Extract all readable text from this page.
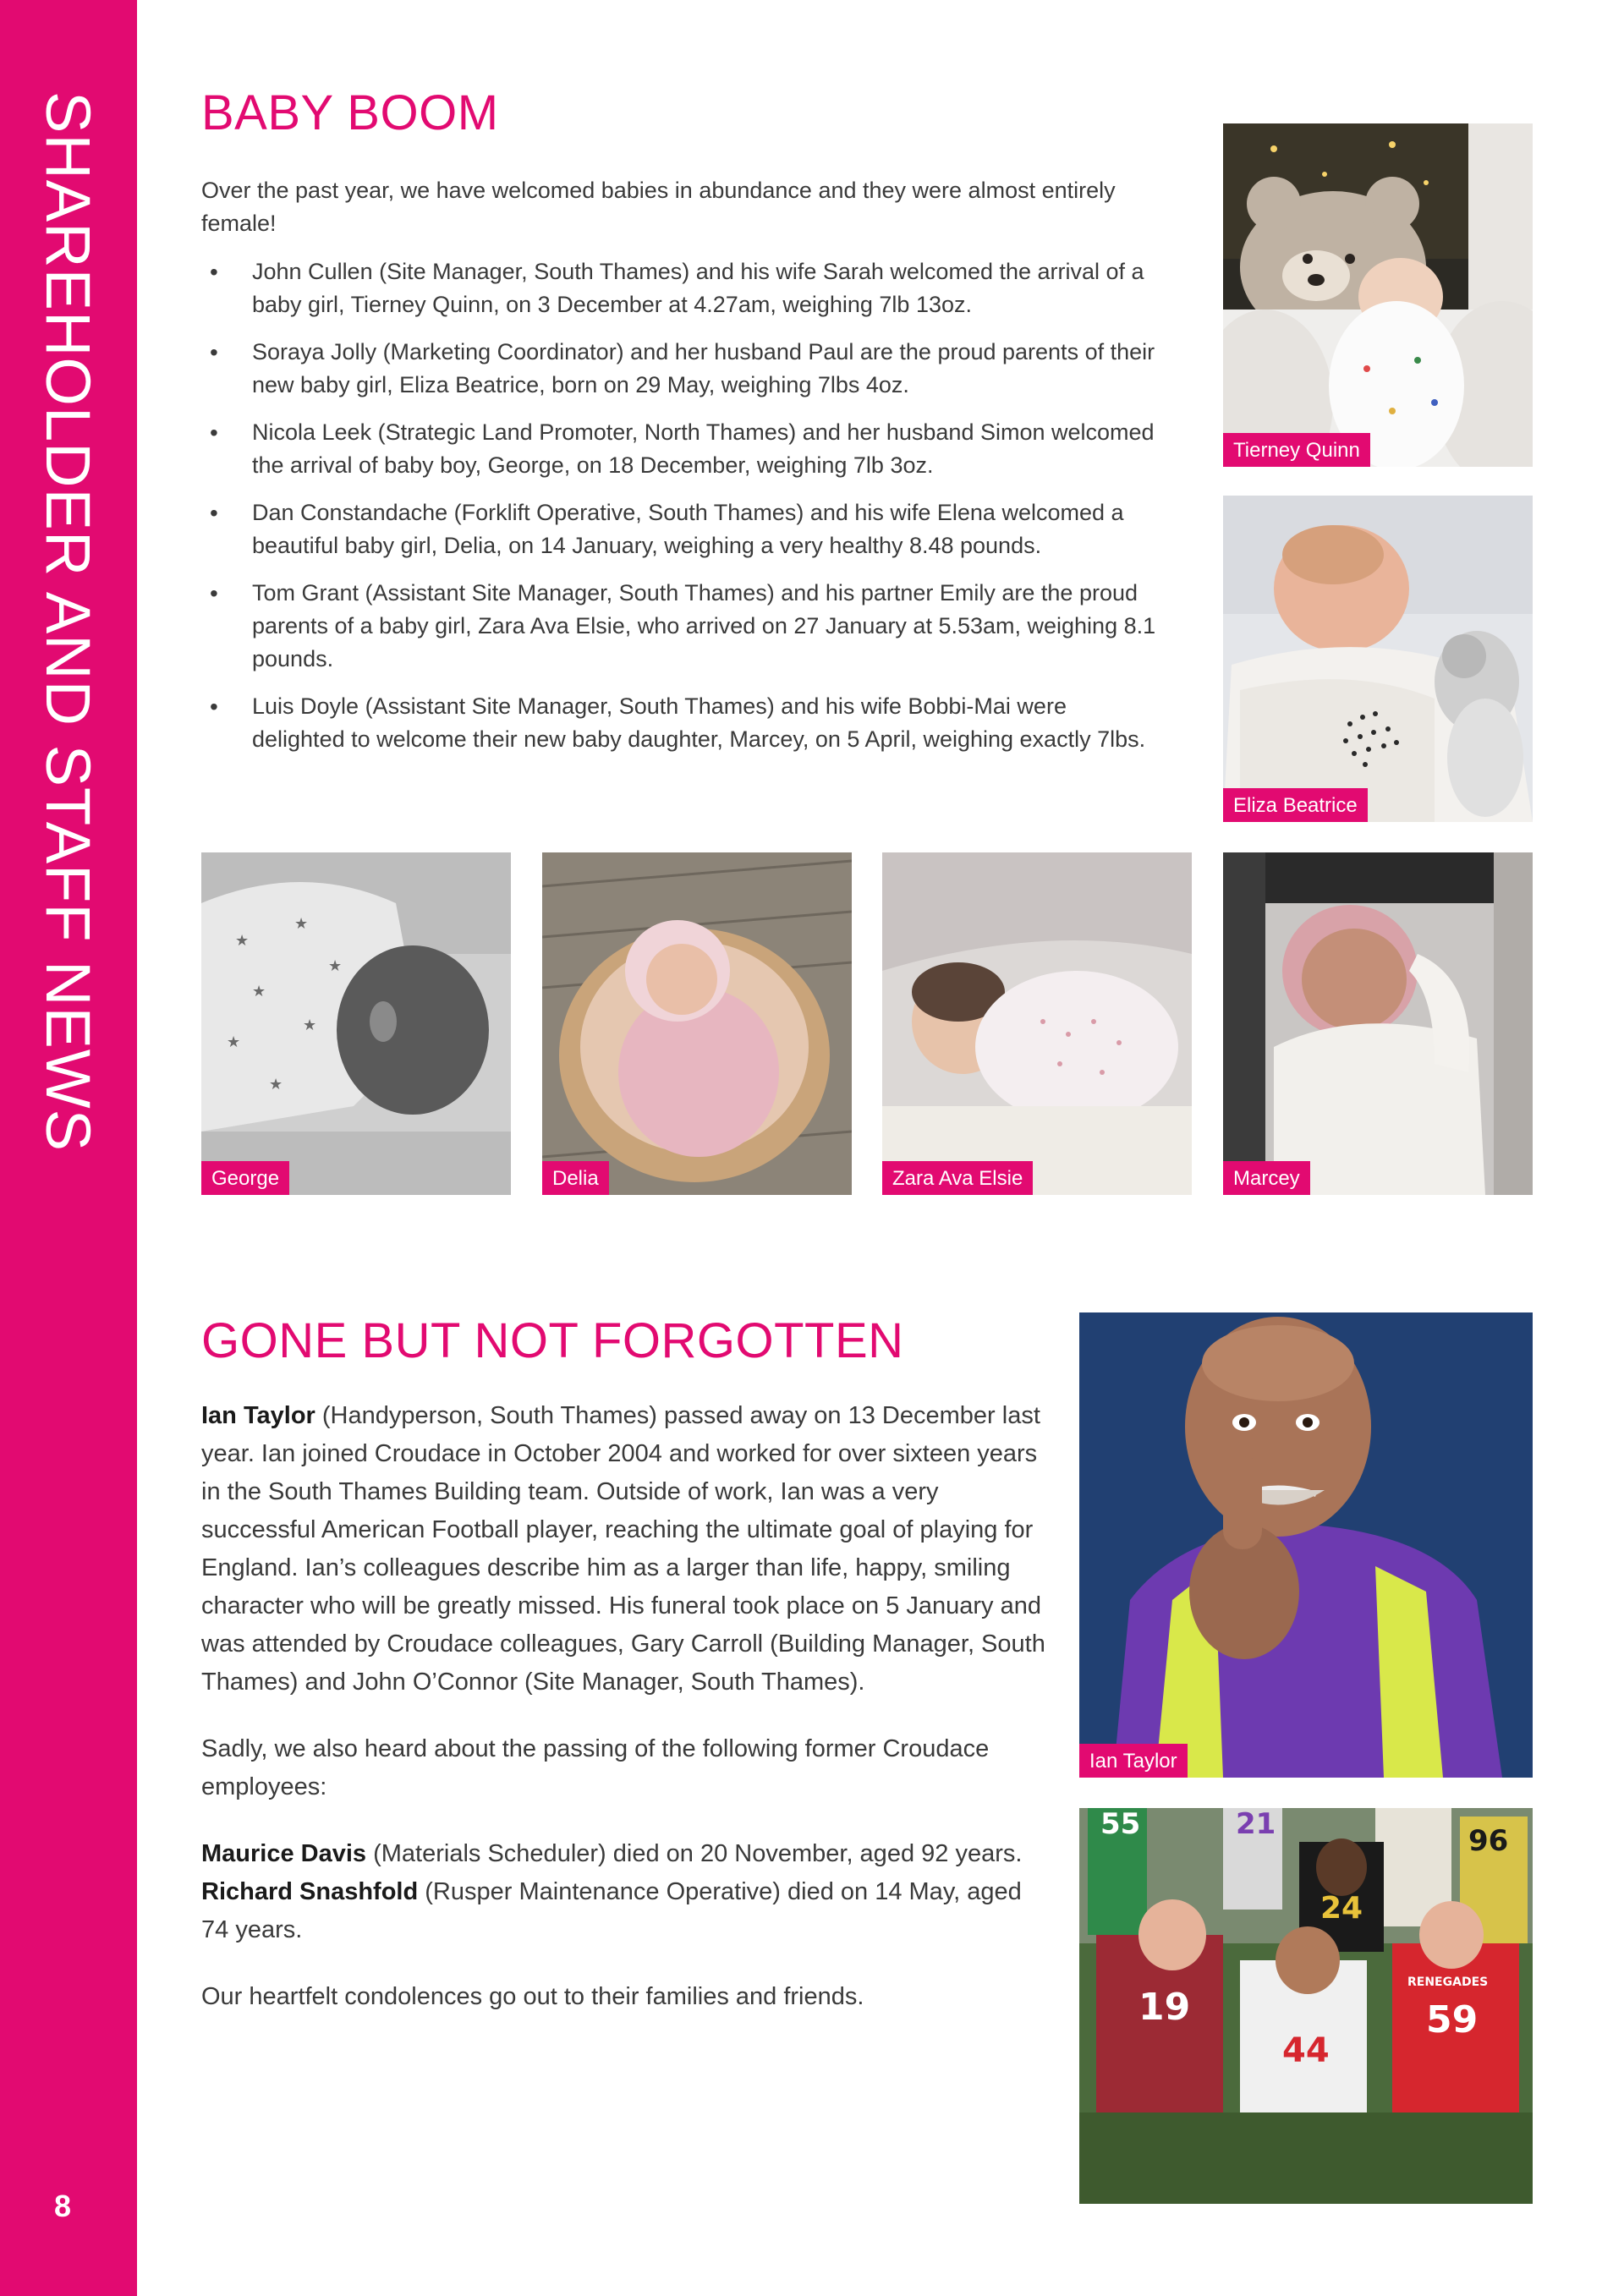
SHAREHOLDER AND STAFF NEWS
8
BABY BOOM

Over the past year, we have welcomed babies in abundance and they were almost entirely female!

• John Cullen (Site Manager, South Thames) and his wife Sarah welcomed the arrival of a baby girl, Tierney Quinn, on 3 December at 4.27am, weighing 7lb 13oz.
• Soraya Jolly (Marketing Coordinator) and her husband Paul are the proud parents of their new baby girl, Eliza Beatrice, born on 29 May, weighing 7lbs 4oz.
• Nicola Leek (Strategic Land Promoter, North Thames) and her husband Simon welcomed the arrival of baby boy, George, on 18 December, weighing 7lb 3oz.
• Dan Constandache (Forklift Operative, South Thames) and his wife Elena welcomed a beautiful baby girl, Delia, on 14 January, weighing a very healthy 8.48 pounds.
• Tom Grant (Assistant Site Manager, South Thames) and his partner Emily are the proud parents of a baby girl, Zara Ava Elsie, who arrived on 27 January at 5.53am, weighing 8.1 pounds.
• Luis Doyle (Assistant Site Manager, South Thames) and his wife Bobbi-Mai were delighted to welcome their new baby daughter, Marcey, on 5 April, weighing exactly 7lbs.
Tierney Quinn
Eliza Beatrice
★
★
★
★
★
★
★
George	Delia	Zara Ava Elsie	Marcey
GONE BUT NOT FORGOTTEN

Ian Taylor (Handyperson, South Thames) passed away on 13 December last year. Ian joined Croudace in October 2004 and worked for over sixteen years in the South Thames Building team. Outside of work, Ian was a very successful American Football player, reaching the ultimate goal of playing for England. Ian’s colleagues describe him as a larger than life, happy, smiling character who will be greatly missed. His funeral took place on 5 January and was attended by Croudace colleagues, Gary Carroll (Building Manager, South Thames) and John O’Connor (Site Manager, South Thames).

Sadly, we also heard about the passing of the following former Croudace employees:

Maurice Davis (Materials Scheduler) died on 20 November, aged 92 years.
Richard Snashfold (Rusper Maintenance Operative) died on 14 May, aged 74 years.

Our heartfelt condolences go out to their families and friends.

Ian Taylor
55	21	96
24
19
44
RENEGADES
59
